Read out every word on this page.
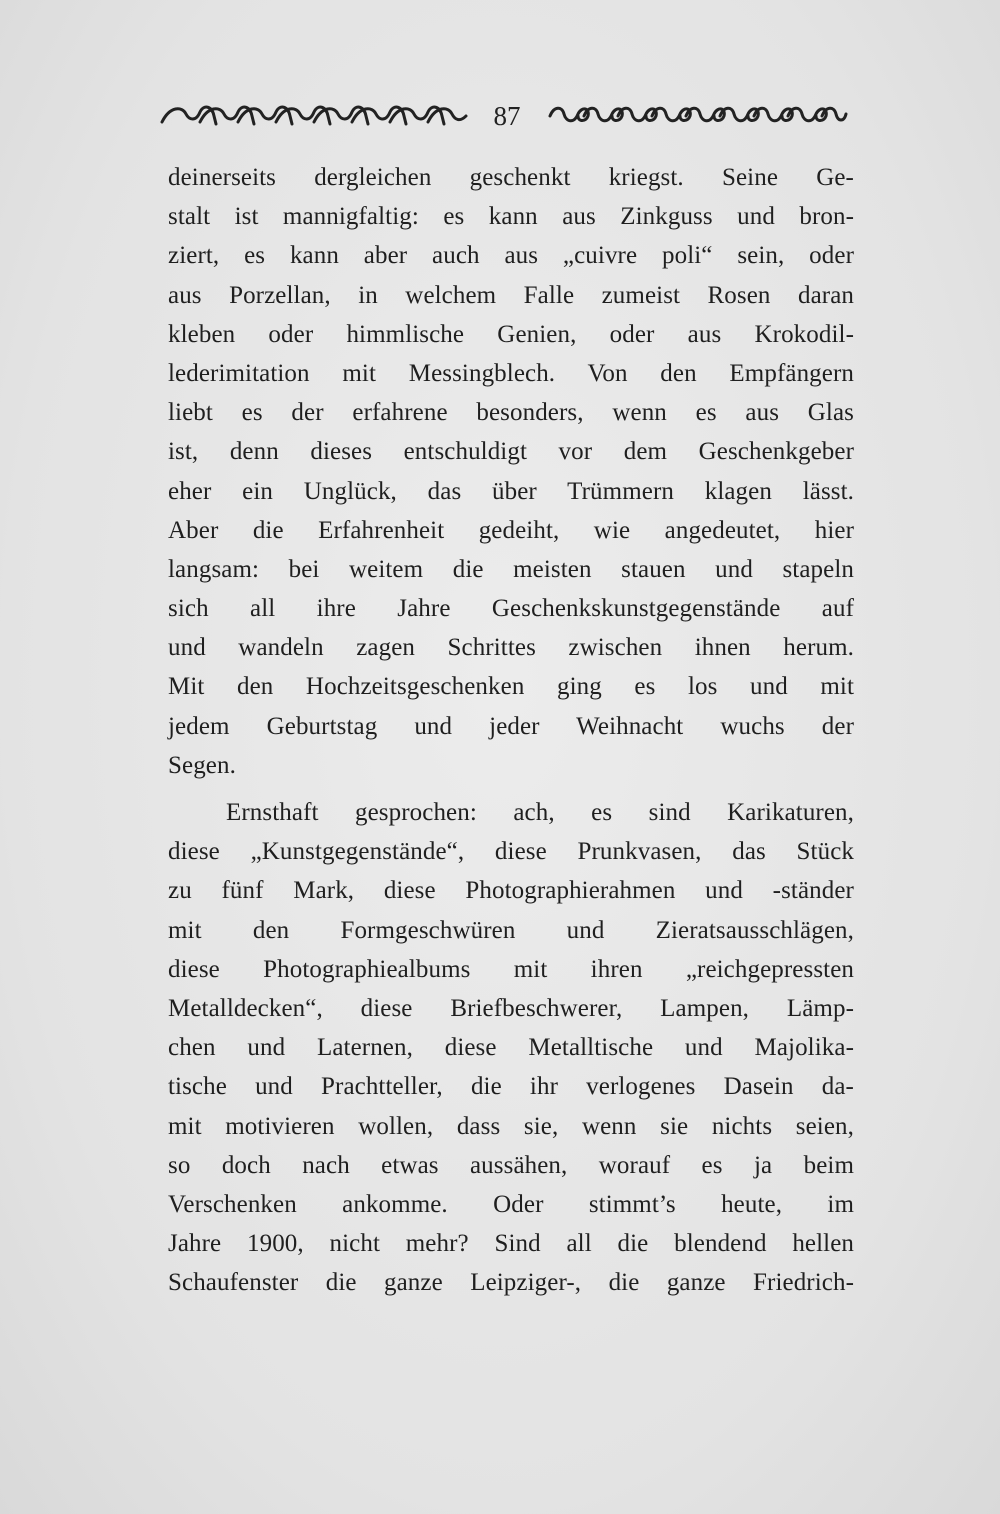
87
deinerseits dergleichen geschenkt kriegst. Seine Ge-
stalt ist mannigfaltig: es kann aus Zinkguss und bron-
ziert, es kann aber auch aus „cuivre poli“ sein, oder
aus Porzellan, in welchem Falle zumeist Rosen daran
kleben oder himmlische Genien, oder aus Krokodil-
lederimitation mit Messingblech. Von den Empfängern
liebt es der erfahrene besonders, wenn es aus Glas
ist, denn dieses entschuldigt vor dem Geschenkgeber
eher ein Unglück, das über Trümmern klagen lässt.
Aber die Erfahrenheit gedeiht, wie angedeutet, hier
langsam: bei weitem die meisten stauen und stapeln
sich all ihre Jahre Geschenkskunstgegenstände auf
und wandeln zagen Schrittes zwischen ihnen herum.
Mit den Hochzeitsgeschenken ging es los und mit
jedem Geburtstag und jeder Weihnacht wuchs der
Segen.
Ernsthaft gesprochen: ach, es sind Karikaturen,
diese „Kunstgegenstände“, diese Prunkvasen, das Stück
zu fünf Mark, diese Photographierahmen und -ständer
mit den Formgeschwüren und Zieratsausschlägen,
diese Photographiealbums mit ihren „reichgepressten
Metalldecken“, diese Briefbeschwerer, Lampen, Lämp-
chen und Laternen, diese Metalltische und Majolika-
tische und Prachtteller, die ihr verlogenes Dasein da-
mit motivieren wollen, dass sie, wenn sie nichts seien,
so doch nach etwas aussähen, worauf es ja beim
Verschenken ankomme. Oder stimmt’s heute, im
Jahre 1900, nicht mehr? Sind all die blendend hellen
Schaufenster die ganze Leipziger-, die ganze Friedrich-
